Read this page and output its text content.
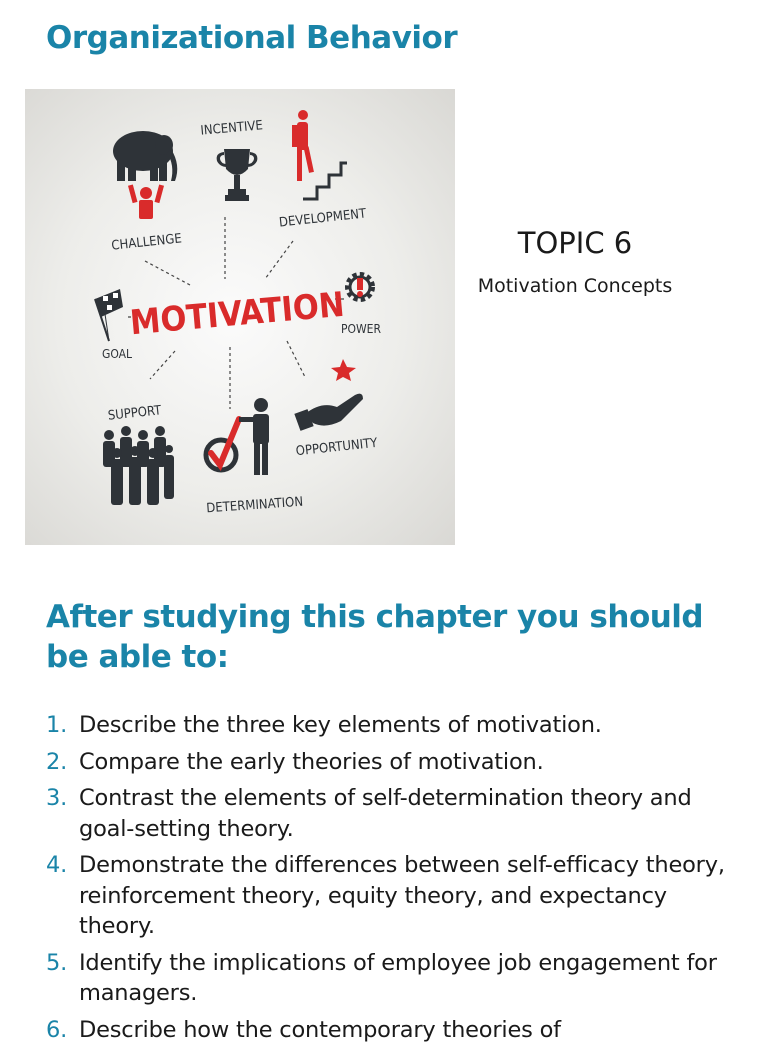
Organizational Behavior
INCENTIVE
DEVELOPMENT
CHALLENGE
POWER
GOAL
MOTIVATION
OPPORTUNITY
SUPPORT
DETERMINATION

TOPIC 6

Motivation Concepts

After studying this chapter you should be able to:
1. Describe the three key elements of motivation.
2. Compare the early theories of motivation.
3. Contrast the elements of self-determination theory and goal-setting theory.
4. Demonstrate the differences between self-efficacy theory, reinforcement theory, equity theory, and expectancy theory.
5. Identify the implications of employee job engagement for managers.
6. Describe how the contemporary theories of
